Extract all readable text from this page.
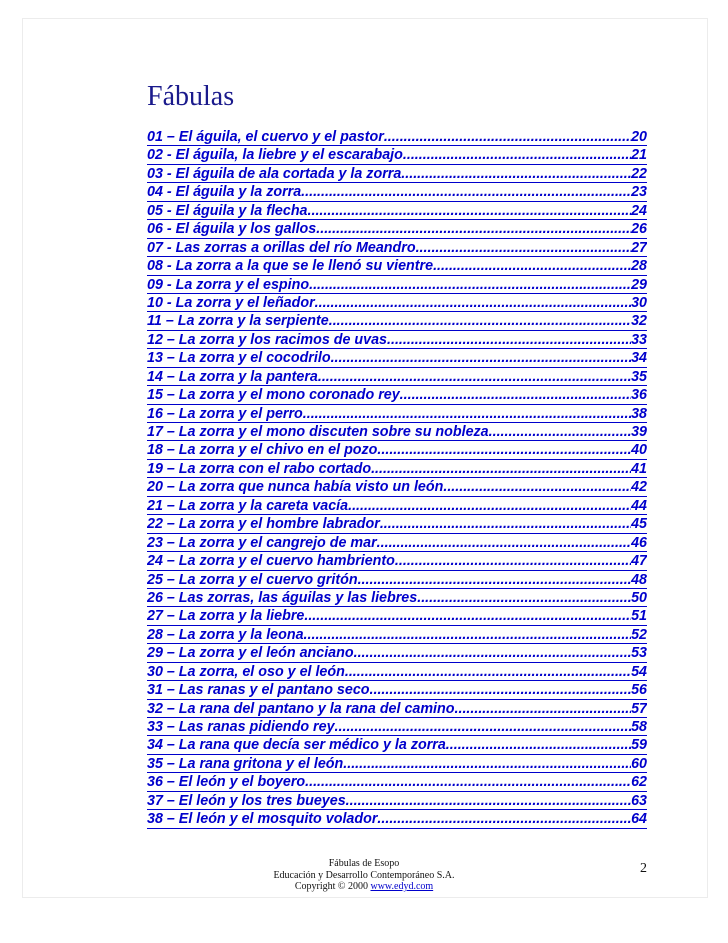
Fábulas
01 – El águila, el cuervo y el pastor .....	20
02 - El águila, la liebre y el escarabajo .....	21
03 - El águila de ala cortada y la zorra .....	22
04 - El águila y la zorra .....	23
05 - El águila y la flecha .....	24
06 - El águila y los gallos .....	26
07 - Las zorras a orillas del río Meandro .....	27
08 - La zorra a la que se le llenó su vientre .....	28
09 - La zorra y el espino .....	29
10 - La zorra y el leñador .....	30
11 – La zorra y la serpiente .....	32
12 – La zorra y los racimos de uvas .....	33
13 – La zorra y el cocodrilo .....	34
14 – La zorra y la pantera .....	35
15 – La zorra y el mono coronado rey .....	36
16 – La zorra y el perro .....	38
17 – La zorra y el mono discuten sobre su nobleza .....	39
18 – La zorra y el chivo en el pozo .....	40
19 – La zorra con el rabo cortado .....	41
20 – La zorra que nunca había visto un león .....	42
21 – La zorra y la careta vacía .....	44
22 – La zorra y el hombre labrador .....	45
23 – La zorra y el cangrejo de mar .....	46
24 – La zorra y el cuervo hambriento .....	47
25 – La zorra y el cuervo gritón .....	48
26 – Las zorras, las águilas y las liebres .....	50
27 – La zorra y la liebre .....	51
28 – La zorra y la leona .....	52
29 – La zorra y el león anciano .....	53
30 – La zorra, el oso y el león .....	54
31 – Las ranas y el pantano seco .....	56
32 – La rana del pantano y la rana del camino .....	57
33 – Las ranas pidiendo rey .....	58
34 – La rana que decía ser médico y la zorra .....	59
35 – La rana gritona y el león .....	60
36 – El león y el boyero .....	62
37 – El león y los tres bueyes .....	63
38 – El león y el mosquito volador .....	64
Fábulas de Esopo
Educación y Desarrollo Contemporáneo S.A.
Copyright © 2000 www.edyd.com
2
